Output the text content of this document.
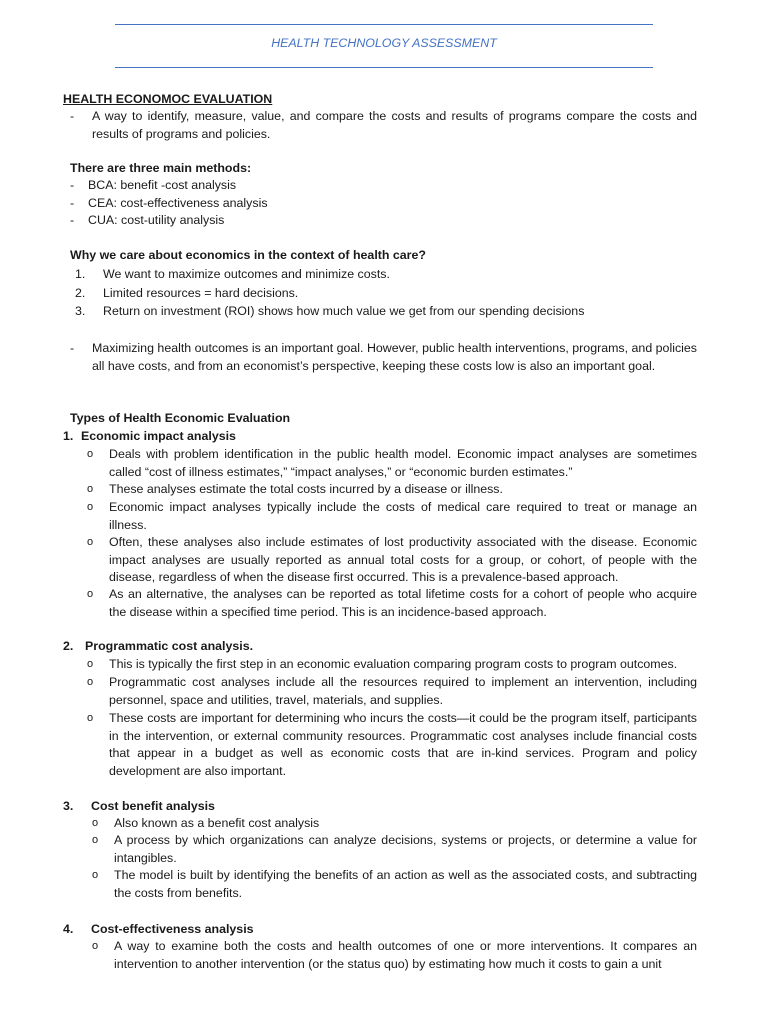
HEALTH TECHNOLOGY ASSESSMENT
HEALTH ECONOMOC EVALUATION
- A way to identify, measure, value, and compare the costs and results of programs compare the costs and results of programs and policies.
There are three main methods:
- BCA: benefit -cost analysis
- CEA: cost-effectiveness analysis
- CUA: cost-utility analysis
Why we care about economics in the context of health care?
1. We want to maximize outcomes and minimize costs.
2. Limited resources = hard decisions.
3. Return on investment (ROI) shows how much value we get from our spending decisions
- Maximizing health outcomes is an important goal. However, public health interventions, programs, and policies all have costs, and from an economist’s perspective, keeping these costs low is also an important goal.
Types of Health Economic Evaluation
1. Economic impact analysis
o Deals with problem identification in the public health model. Economic impact analyses are sometimes called “cost of illness estimates,” “impact analyses,” or “economic burden estimates.”
o These analyses estimate the total costs incurred by a disease or illness.
o Economic impact analyses typically include the costs of medical care required to treat or manage an illness.
o Often, these analyses also include estimates of lost productivity associated with the disease. Economic impact analyses are usually reported as annual total costs for a group, or cohort, of people with the disease, regardless of when the disease first occurred. This is a prevalence-based approach.
o As an alternative, the analyses can be reported as total lifetime costs for a cohort of people who acquire the disease within a specified time period. This is an incidence-based approach.
2. Programmatic cost analysis.
o This is typically the first step in an economic evaluation comparing program costs to program outcomes.
o Programmatic cost analyses include all the resources required to implement an intervention, including personnel, space and utilities, travel, materials, and supplies.
o These costs are important for determining who incurs the costs—it could be the program itself, participants in the intervention, or external community resources. Programmatic cost analyses include financial costs that appear in a budget as well as economic costs that are in-kind services. Program and policy development are also important.
3. Cost benefit analysis
o Also known as a benefit cost analysis
o A process by which organizations can analyze decisions, systems or projects, or determine a value for intangibles.
o The model is built by identifying the benefits of an action as well as the associated costs, and subtracting the costs from benefits.
4. Cost-effectiveness analysis
o A way to examine both the costs and health outcomes of one or more interventions. It compares an intervention to another intervention (or the status quo) by estimating how much it costs to gain a unit
